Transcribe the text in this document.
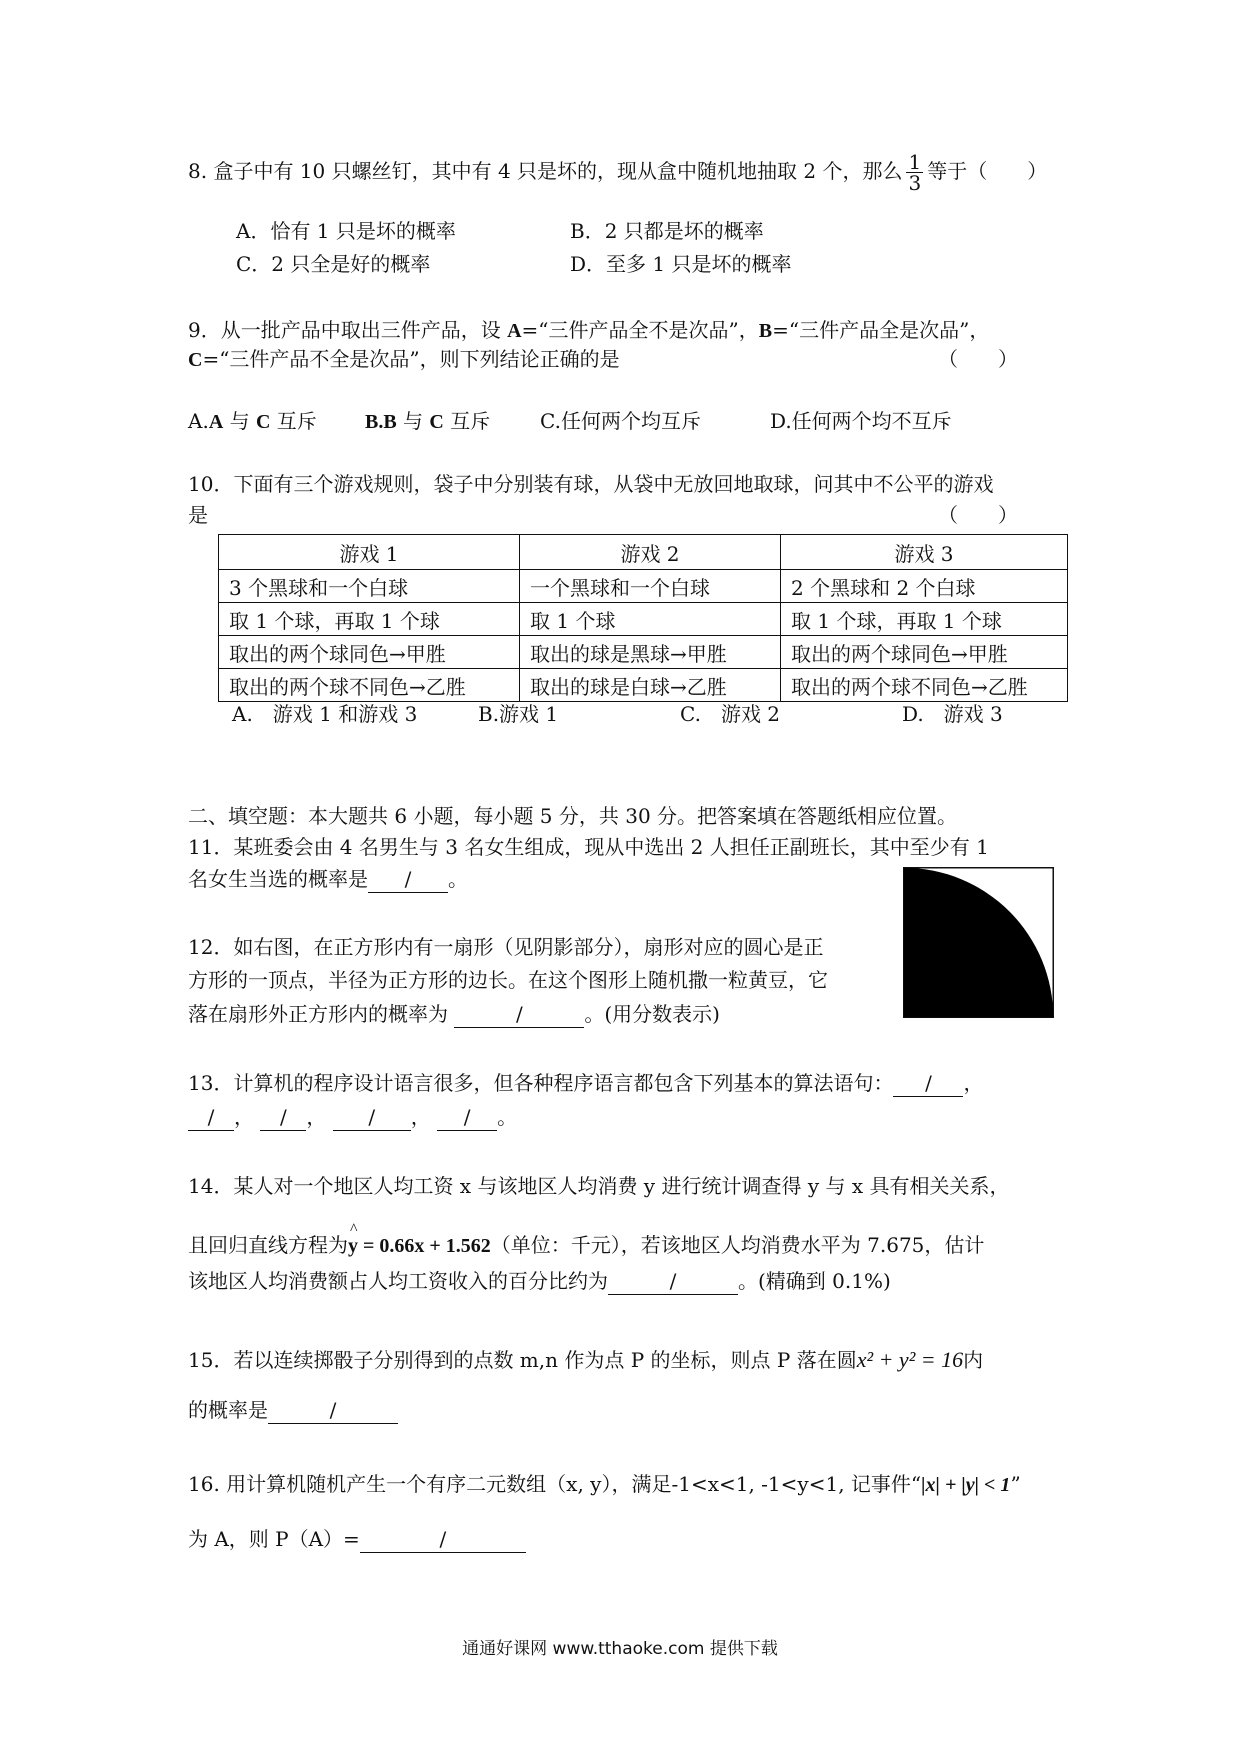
8. 盒子中有 10 只螺丝钉，其中有 4 只是坏的，现从盒中随机地抽取 2 个，那么 $\frac{1}{3}$ 等于（　　）
A．恰有 1 只是坏的概率	B．2 只都是坏的概率
C．2 只全是好的概率	D．至多 1 只是坏的概率
9．从一批产品中取出三件产品，设 A=“三件产品全不是次品”，B=“三件产品全是次品”，
C=“三件产品不全是次品”，则下列结论正确的是	（　　）
A.A 与 C 互斥 B.B 与 C 互斥 C.任何两个均互斥	D.任何两个均不互斥
10．下面有三个游戏规则，袋子中分别装有球，从袋中无放回地取球，问其中不公平的游戏
是	（　　）
游戏 1	游戏 2	游戏 3
3 个黑球和一个白球	一个黑球和一个白球	2 个黑球和 2 个白球
取 1 个球，再取 1 个球	取 1 个球	取 1 个球，再取 1 个球
取出的两个球同色→甲胜	取出的球是黑球→甲胜	取出的两个球同色→甲胜
取出的两个球不同色→乙胜	取出的球是白球→乙胜	取出的两个球不同色→乙胜
A.　游戏 1 和游戏 3	B.游戏 1	C.　游戏 2	D.　游戏 3
二、填空题：本大题共 6 小题，每小题 5 分，共 30 分。把答案填在答题纸相应位置。
11．某班委会由 4 名男生与 3 名女生组成，现从中选出 2 人担任正副班长，其中至少有 1
名女生当选的概率是 / 。
12．如右图，在正方形内有一扇形（见阴影部分），扇形对应的圆心是正
方形的一顶点，半径为正方形的边长。在这个图形上随机撒一粒黄豆，它
落在扇形外正方形内的概率为	/	。(用分数表示)
13．计算机的程序设计语言很多，但各种程序语言都包含下列基本的算法语句： / ，
/ ， / ， / ， / 。
14．某人对一个地区人均工资 x 与该地区人均消费 y 进行统计调查得 y 与 x 具有相关关系，
且回归直线方程为
^
y = 0.66x + 1.562（单位：千元），若该地区人均消费水平为 7.675，估计
该地区人均消费额占人均工资收入的百分比约为	/	。(精确到 0.1%)
15．若以连续掷骰子分别得到的点数 m,n 作为点 P 的坐标，则点 P 落在圆x² + y² = 16内
的概率是	/
16. 用计算机随机产生一个有序二元数组（x, y），满足-1<x<1, -1<y<1, 记事件“|x| + |y| < 1”
为 A，则 P（A）=	/
通通好课网 www.tthaoke.com 提供下载
